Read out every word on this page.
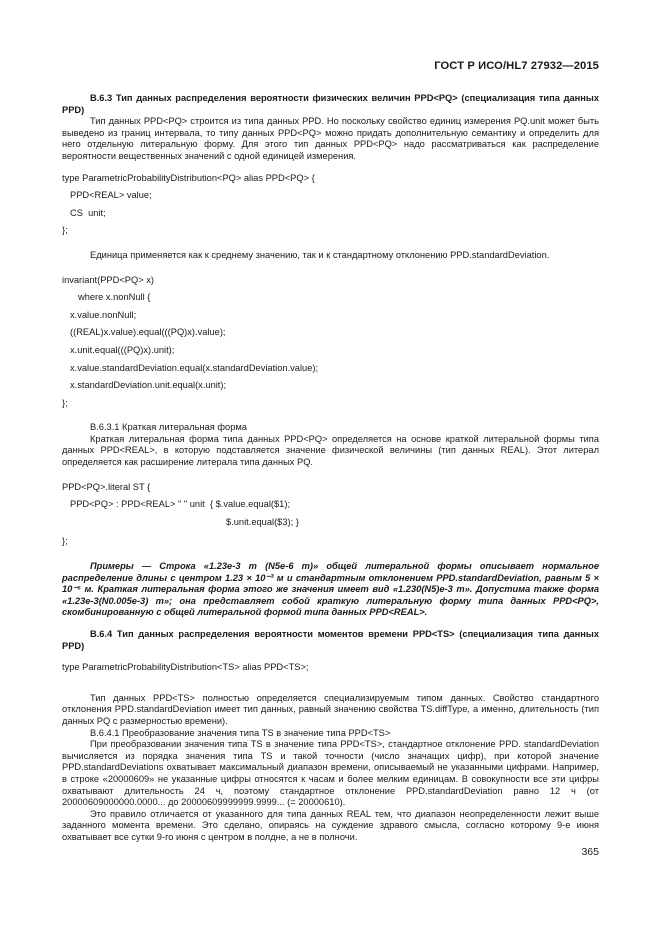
ГОСТ Р ИСО/HL7 27932—2015

В.6.3 Тип данных распределения вероятности физических величин PPD<PQ> (специализация типа данных PPD)

Тип данных PPD<PQ> строится из типа данных PPD. Но поскольку свойство единиц измерения PQ.unit может быть выведено из границ интервала, то типу данных PPD<PQ> можно придать дополнительную семантику и определить для него отдельную литеральную форму. Для этого тип данных PPD<PQ> надо рассматриваться как распределение вероятности вещественных значений с одной единицей измерения.

type ParametricProbabilityDistribution<PQ> alias PPD<PQ> {
PPD<REAL> value;
CS  unit;
};

Единица применяется как к среднему значению, так и к стандартному отклонению PPD.standardDeviation.

invariant(PPD<PQ> x)
where x.nonNull {
x.value.nonNull;
((REAL)x.value).equal(((PQ)x).value);
x.unit.equal(((PQ)x).unit);
x.value.standardDeviation.equal(x.standardDeviation.value);
x.standardDeviation.unit.equal(x.unit);
};

В.6.3.1 Краткая литеральная форма

Краткая литеральная форма типа данных PPD<PQ> определяется на основе краткой литеральной формы типа данных PPD<REAL>, в которую подставляется значение физической величины (тип данных REAL). Этот литерал определяется как расширение литерала типа данных PQ.

PPD<PQ>.literal ST {
PPD<PQ> : PPD<REAL> " " unit  { $.value.equal($1);
$.unit.equal($3); }
};

Примеры — Строка «1.23e-3 m (N5e-6 m)» общей литеральной формы описывает нормальное распределение длины с центром 1.23 × 10⁻³ м и стандартным отклонением PPD.standardDeviation, равным 5 × 10⁻⁶ м. Краткая литеральная форма этого же значения имеет вид «1.230(N5)e-3 m». Допустима также форма «1.23e-3(N0.005e-3) m»; она представляет собой краткую литеральную форму типа данных PPD<PQ>, скомбинированную с общей литеральной формой типа данных PPD<REAL>.

В.6.4 Тип данных распределения вероятности моментов времени PPD<TS> (специализация типа данных PPD)

type ParametricProbabilityDistribution<TS> alias PPD<TS>;

Тип данных PPD<TS> полностью определяется специализируемым типом данных. Свойство стандартного отклонения PPD.standardDeviation имеет тип данных, равный значению свойства TS.diffType, а именно, длительность (тип данных PQ с размерностью времени).

В.6.4.1 Преобразование значения типа TS в значение типа PPD<TS>

При преобразовании значения типа TS в значение типа PPD<TS>, стандартное отклонение PPD. standardDeviation вычисляется из порядка значения типа TS и такой точности (число значащих цифр), при которой значение PPD.standardDeviations охватывает максимальный диапазон времени, описываемый не указанными цифрами. Например, в строке «20000609» не указанные цифры относятся к часам и более мелким единицам. В совокупности все эти цифры охватывают длительность 24 ч, поэтому стандартное отклонение PPD.standardDeviation равно 12 ч (от 20000609000000.0000... до 20000609999999.9999... (= 20000610).

Это правило отличается от указанного для типа данных REAL тем, что диапазон неопределенности лежит выше заданного момента времени. Это сделано, опираясь на суждение здравого смысла, согласно которому 9-е июня охватывает все сутки 9-го июня с центром в полдне, а не в полночи.

365
